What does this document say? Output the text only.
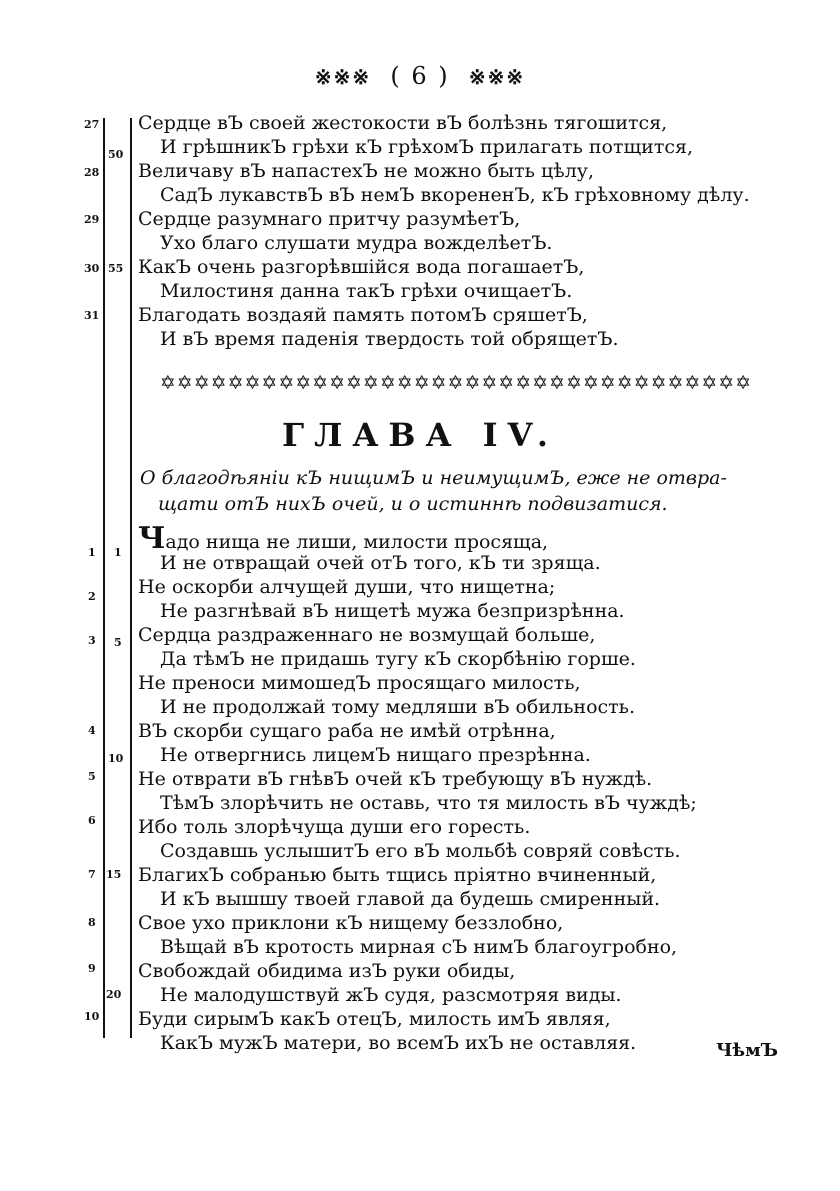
※※※ ( 6 ) ※※※
Сердце вЪ своей жестокости вЪ болѣзнь тягошится,
И грѣшникЪ грѣхи кЪ грѣхомЪ прилагать потщится,
Величаву вЪ напастехЪ не можно быть цѣлу,
СадЪ лукавствЪ вЪ немЪ вкорененЪ, кЪ грѣховному дѣлу.
Сердце разумнаго притчу разумѣетЪ,
Ухо благо слушати мудра вожделѣетЪ.
КакЪ очень разгорѣвшійся вода погашаетЪ,
Милостиня данна такЪ грѣхи очищаетЪ.
Благодать воздаяй память потомЪ сряшетЪ,
И вЪ время паденія твердость той обрящетЪ.
27
28
29
30
31
50
55
✡✡✡✡✡✡✡✡✡✡✡✡✡✡✡✡✡✡✡✡✡✡✡✡✡✡✡✡✡✡✡✡✡✡✡
ГЛАВА IV.
О благодѣяніи кЪ нищимЪ и неимущимЪ, еже не отвра-
щати отЪ нихЪ очей, и о истиннѣ подвизатися.
Чадо нища не лиши, милости просяща,
И не отвращай очей отЪ того, кЪ ти зряща.
Не оскорби алчущей души, что нищетна;
Не разгнѣвай вЪ нищетѣ мужа безпризрѣнна.
Сердца раздраженнаго не возмущай больше,
Да тѣмЪ не придашь тугу кЪ скорбѣнію горше.
Не преноси мимошедЪ просящаго милость,
И не продолжай тому медляши вЪ обильность.
ВЪ скорби сущаго раба не имѣй отрѣнна,
Не отвергнись лицемЪ нищаго презрѣнна.
Не отврати вЪ гнѣвЪ очей кЪ требующу вЪ нуждѣ.
ТѣмЪ злорѣчить не оставь, что тя милость вЪ чуждѣ;
Ибо толь злорѣчуща души его горесть.
Создавшь услышитЪ его вЪ мольбѣ совряй совѣсть.
БлагихЪ собранью быть тщись пріятно вчиненный,
И кЪ вышшу твоей главой да будешь смиренный.
Свое ухо приклони кЪ нищему беззлобно,
Вѣщай вЪ кротость мирная сЪ нимЪ благоугробно,
Свобождай обидима изЪ руки обиды,
Не малодушствуй жЪ судя, разсмотряя виды.
Буди сирымЪ какЪ отецЪ, милость имЪ являя,
КакЪ мужЪ матери, во всемЪ ихЪ не оставляя.
1
2
3
4
5
6
7
8
9
10
1
5
10
15
20
ЧѣмЪ
